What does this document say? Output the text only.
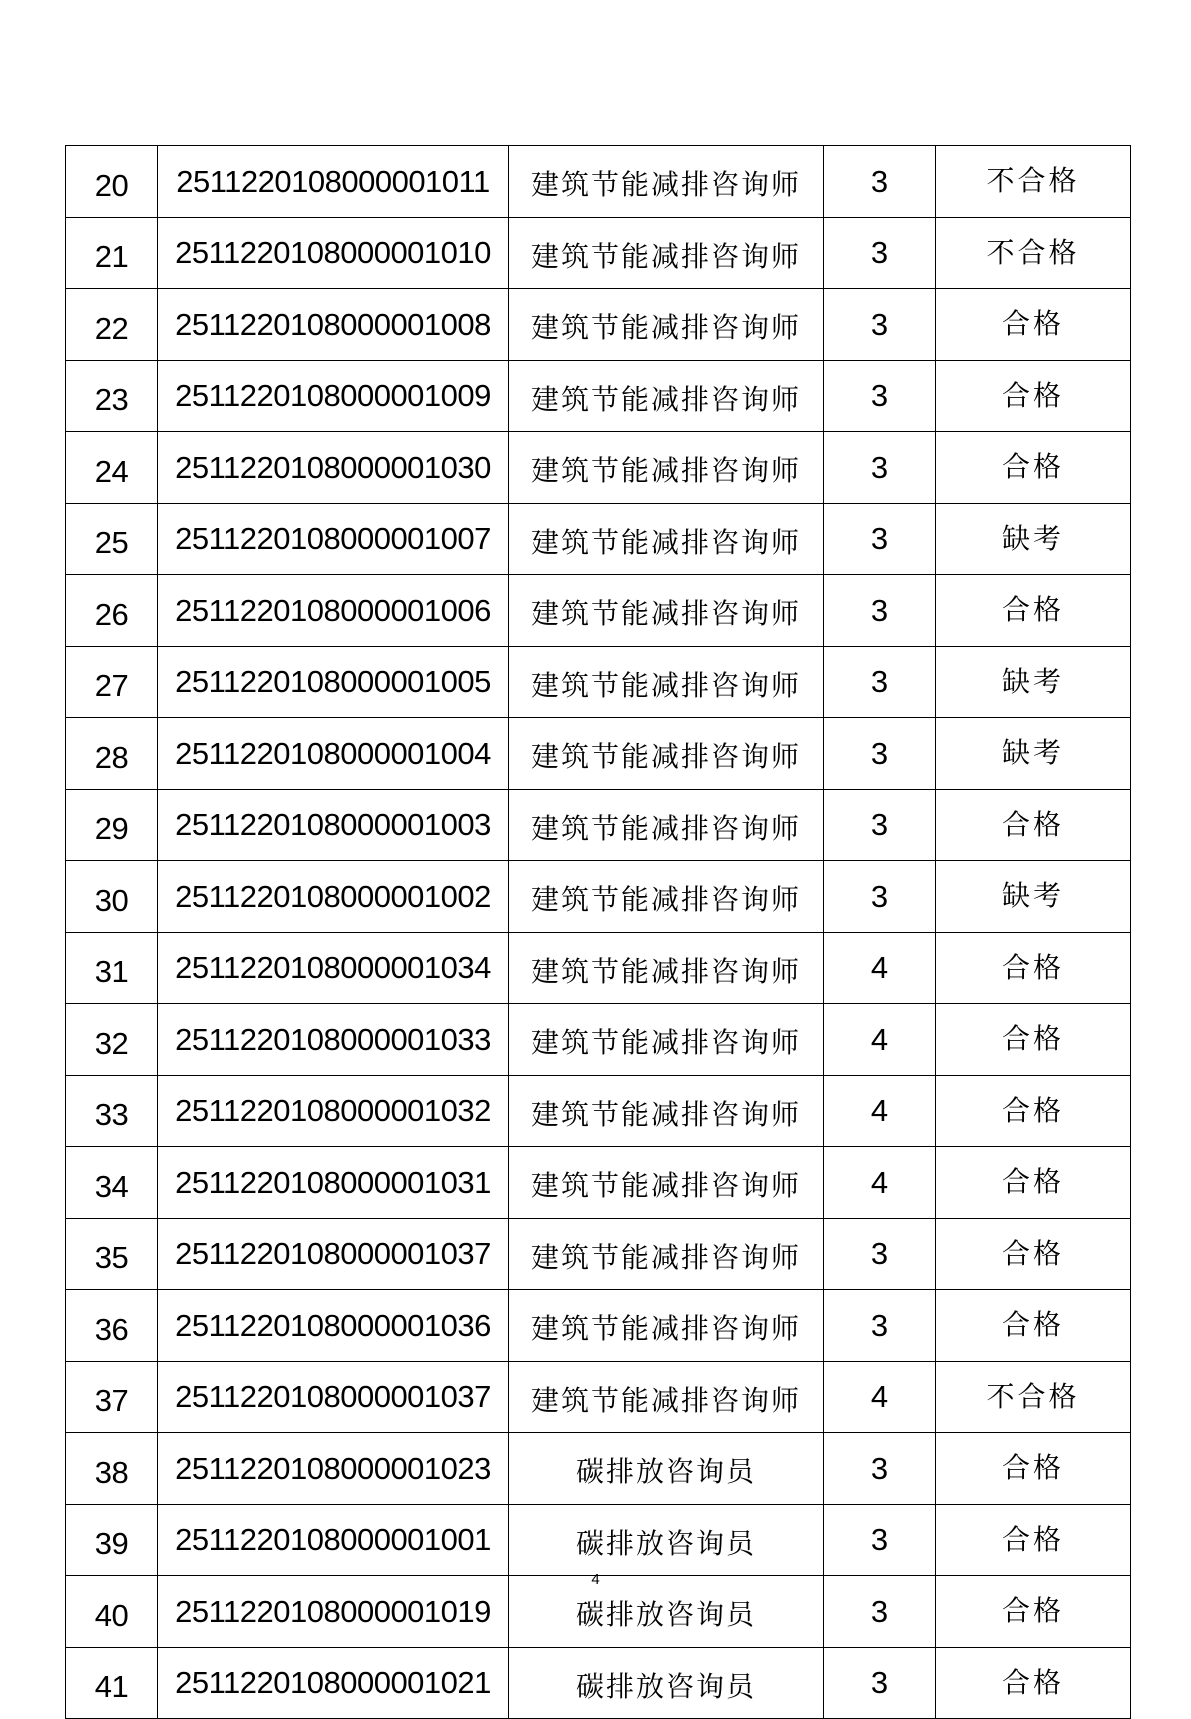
20	2511220108000001011	建筑节能减排咨询师	3	不合格
21	2511220108000001010	建筑节能减排咨询师	3	不合格
22	2511220108000001008	建筑节能减排咨询师	3	合格
23	2511220108000001009	建筑节能减排咨询师	3	合格
24	2511220108000001030	建筑节能减排咨询师	3	合格
25	2511220108000001007	建筑节能减排咨询师	3	缺考
26	2511220108000001006	建筑节能减排咨询师	3	合格
27	2511220108000001005	建筑节能减排咨询师	3	缺考
28	2511220108000001004	建筑节能减排咨询师	3	缺考
29	2511220108000001003	建筑节能减排咨询师	3	合格
30	2511220108000001002	建筑节能减排咨询师	3	缺考
31	2511220108000001034	建筑节能减排咨询师	4	合格
32	2511220108000001033	建筑节能减排咨询师	4	合格
33	2511220108000001032	建筑节能减排咨询师	4	合格
34	2511220108000001031	建筑节能减排咨询师	4	合格
35	2511220108000001037	建筑节能减排咨询师	3	合格
36	2511220108000001036	建筑节能减排咨询师	3	合格
37	2511220108000001037	建筑节能减排咨询师	4	不合格
38	2511220108000001023	碳排放咨询员	3	合格
39	2511220108000001001	碳排放咨询员	3	合格
40	2511220108000001019	碳排放咨询员	3	合格
41	2511220108000001021	碳排放咨询员	3	合格
4
